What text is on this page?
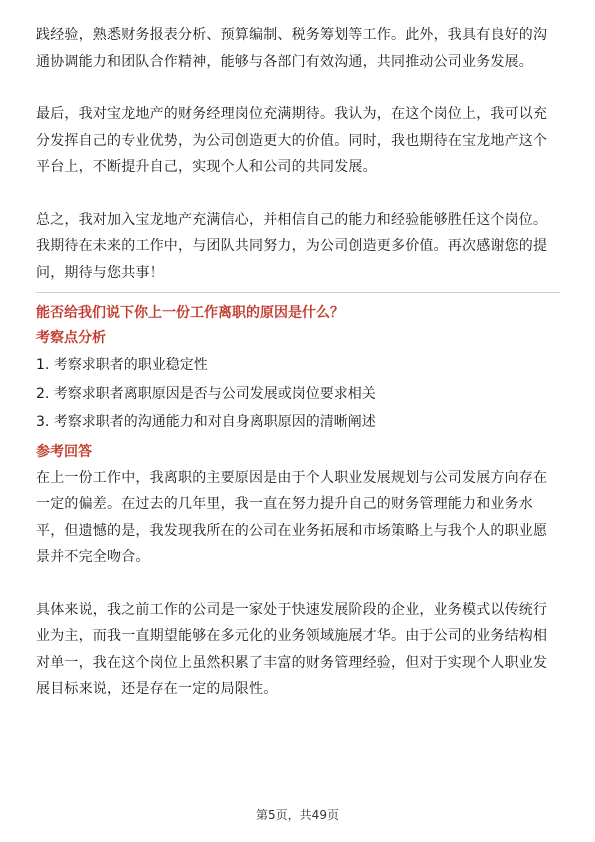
践经验，熟悉财务报表分析、预算编制、税务筹划等工作。此外，我具有良好的沟
通协调能力和团队合作精神，能够与各部门有效沟通，共同推动公司业务发展。

最后，我对宝龙地产的财务经理岗位充满期待。我认为，在这个岗位上，我可以充
分发挥自己的专业优势，为公司创造更大的价值。同时，我也期待在宝龙地产这个
平台上，不断提升自己，实现个人和公司的共同发展。

总之，我对加入宝龙地产充满信心，并相信自己的能力和经验能够胜任这个岗位。
我期待在未来的工作中，与团队共同努力，为公司创造更多价值。再次感谢您的提
问，期待与您共事！

能否给我们说下你上一份工作离职的原因是什么？

考察点分析

1. 考察求职者的职业稳定性
2. 考察求职者离职原因是否与公司发展或岗位要求相关
3. 考察求职者的沟通能力和对自身离职原因的清晰阐述

参考回答

在上一份工作中，我离职的主要原因是由于个人职业发展规划与公司发展方向存在
一定的偏差。在过去的几年里，我一直在努力提升自己的财务管理能力和业务水
平，但遗憾的是，我发现我所在的公司在业务拓展和市场策略上与我个人的职业愿
景并不完全吻合。

具体来说，我之前工作的公司是一家处于快速发展阶段的企业，业务模式以传统行
业为主，而我一直期望能够在多元化的业务领域施展才华。由于公司的业务结构相
对单一，我在这个岗位上虽然积累了丰富的财务管理经验，但对于实现个人职业发
展目标来说，还是存在一定的局限性。

第5页，共49页
